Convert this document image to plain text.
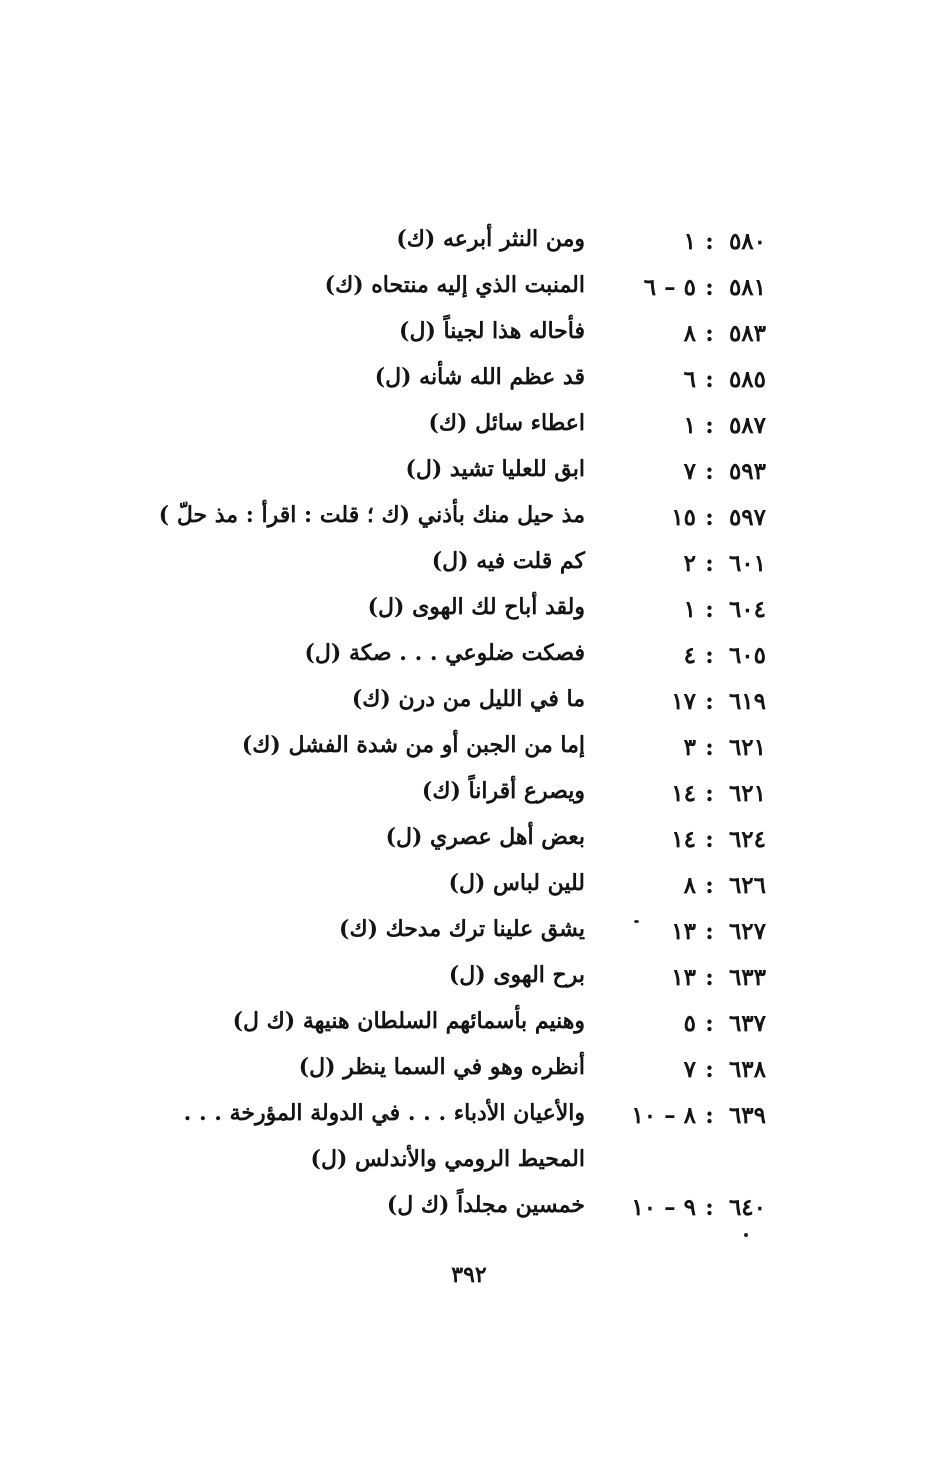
٥٨٠:١
ومن النثر أبرعه (ك)
٥٨١:٥ – ٦
المنبت الذي إليه منتحاه (ك)
٥٨٣:٨
فأحاله هذا لجيناً (ل)
٥٨٥:٦
قد عظم الله شأنه (ل)
٥٨٧:١
اعطاء سائل (ك)
٥٩٣:٧
ابق للعليا تشيد (ل)
٥٩٧:١٥
مذ حيل منك بأذني (ك ؛ قلت : اقرأ : مذ حلّ )
٦٠١:٢
كم قلت فيه (ل)
٦٠٤:١
ولقد أباح لك الهوى (ل)
٦٠٥:٤
فصكت ضلوعي . . . صكة (ل)
٦١٩:١٧
ما في الليل من درن (ك)
٦٢١:٣
إما من الجبن أو من شدة الفشل (ك)
٦٢١:١٤
ويصرع أقراناً (ك)
٦٢٤:١٤
بعض أهل عصري (ل)
٦٢٦:٨
للين لباس (ل)
٦٢٧:١٣
يشق علينا ترك مدحك (ك)
٦٣٣:١٣
برح الهوى (ل)
٦٣٧:٥
وهنيم بأسمائهم السلطان هنيهة (ك ل)
٦٣٨:٧
أنظره وهو في السما ينظر (ل)
٦٣٩:٨ – ١٠
والأعيان الأدباء . . . في الدولة المؤرخة . . .
المحيط الرومي والأندلس (ل)
٦٤٠:٩ – ١٠
خمسين مجلداً (ك ل)
٣٩٢
